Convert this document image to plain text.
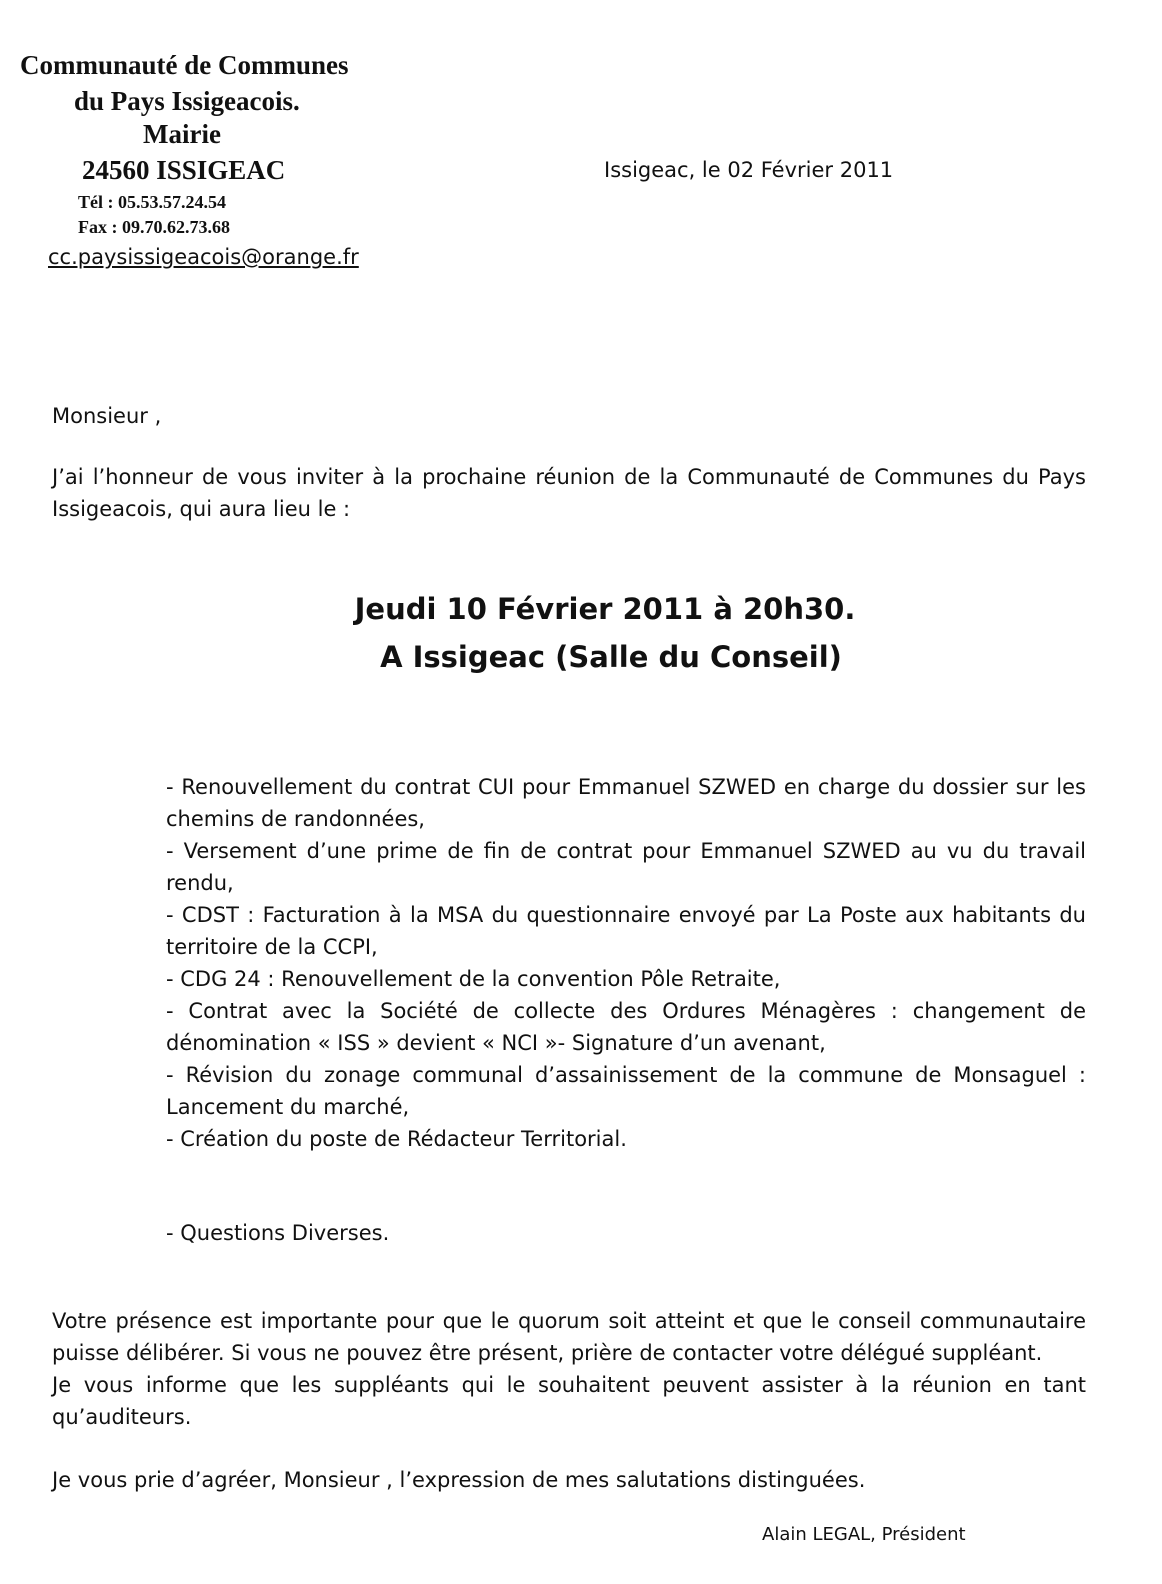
Communauté de Communes
du Pays Issigeacois.
Mairie
24560 ISSIGEAC
Tél : 05.53.57.24.54
Fax : 09.70.62.73.68
cc.paysissigeacois@orange.fr
Issigeac, le 02 Février 2011
Monsieur ,
J’ai l’honneur de vous inviter à la prochaine réunion de la Communauté de Communes du Pays Issigeacois, qui aura lieu le :
Jeudi 10 Février 2011 à 20h30.
A Issigeac (Salle du Conseil)

- Renouvellement du contrat CUI pour Emmanuel SZWED en charge du dossier sur les chemins de randonnées,

- Versement d’une prime de fin de contrat pour Emmanuel SZWED au vu du travail rendu,

- CDST : Facturation à la MSA du questionnaire envoyé par La Poste aux habitants du territoire de la CCPI,

- CDG 24 : Renouvellement de la convention Pôle Retraite,

- Contrat avec la Société de collecte des Ordures Ménagères : changement de dénomination « ISS » devient « NCI »- Signature d’un avenant,

- Révision du zonage communal d’assainissement de la commune de Monsaguel : Lancement du marché,

- Création du poste de Rédacteur Territorial.

- Questions Diverses.

Votre présence est importante pour que le quorum soit atteint et que le conseil communautaire puisse délibérer. Si vous ne pouvez être présent, prière de contacter votre délégué suppléant.

Je vous informe que les suppléants qui le souhaitent peuvent assister à la réunion en tant qu’auditeurs.

Je vous prie d’agréer, Monsieur , l’expression de mes salutations distinguées.
Alain LEGAL, Président
